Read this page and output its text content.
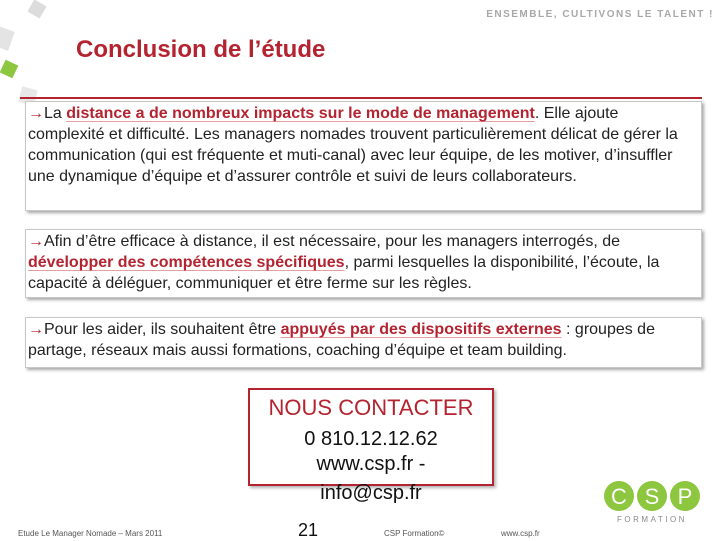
ENSEMBLE, CULTIVONS LE TALENT !
Conclusion de l’étude
→La distance a de nombreux impacts sur le mode de management. Elle ajoute complexité et difficulté. Les managers nomades trouvent particulièrement délicat de gérer la communication (qui est fréquente et muti-canal) avec leur équipe, de les motiver, d’insuffler une dynamique d’équipe et d’assurer contrôle et suivi de leurs collaborateurs.
→Afin d’être efficace à distance, il est nécessaire, pour les managers interrogés, de développer des compétences spécifiques, parmi lesquelles la disponibilité, l’écoute, la capacité à déléguer, communiquer et être ferme sur les règles.
→Pour les aider, ils souhaitent être appuyés par des dispositifs externes : groupes de partage, réseaux mais aussi formations, coaching d’équipe et team building.
NOUS CONTACTER
0 810.12.12.62
www.csp.fr -
info@csp.fr	C S P
FORMATION
Etude Le Manager Nomade – Mars 2011	21	CSP Formation©	www.csp.fr
